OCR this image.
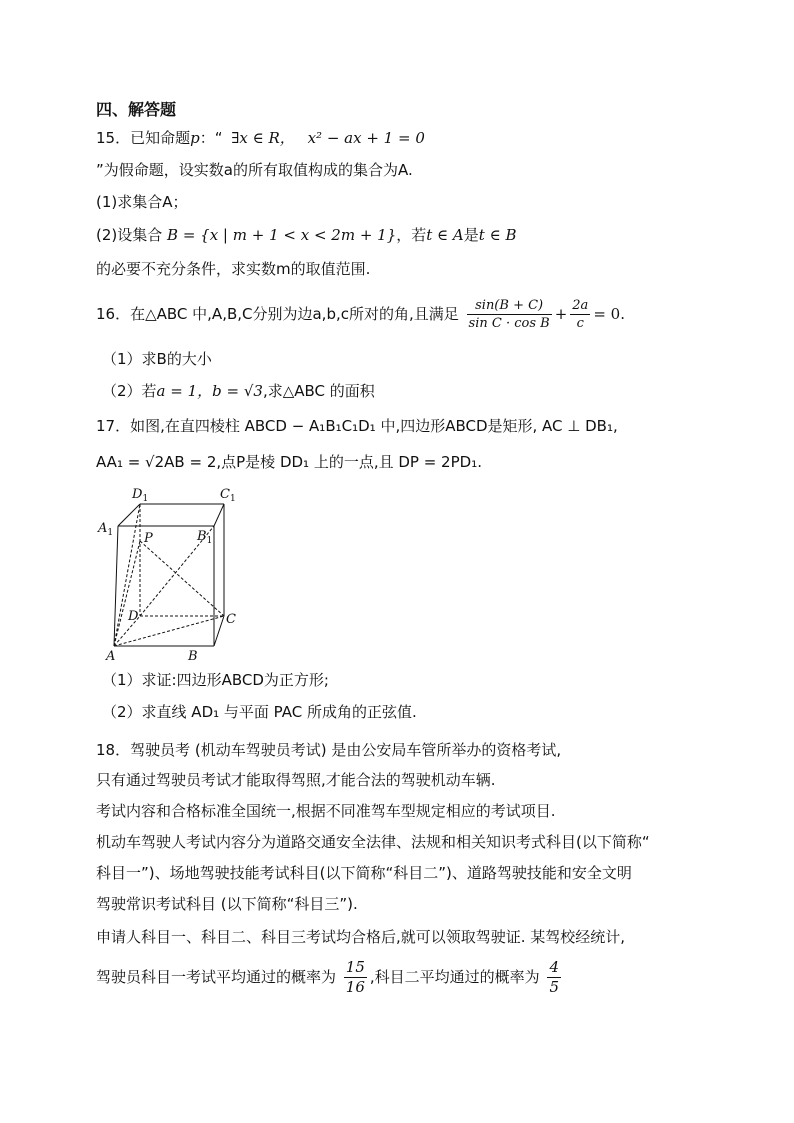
四、解答题
15．已知命题p：“ ∃x ∈ R， x² − ax + 1 = 0
”为假命题，设实数a的所有取值构成的集合为A.
(1)求集合A；
(2)设集合 B = {x | m + 1 < x < 2m + 1}，若t ∈ A是t ∈ B
的必要不充分条件，求实数m的取值范围.
16．在△ABC 中,A,B,C分别为边a,b,c所对的角,且满足 $\frac{\sin(B + C)}{\text{sin C · cos B}} + \frac{2a}{c} = 0$.
（1）求B的大小
（2）若a = 1，b = √3,求△ABC 的面积
17．如图,在直四棱柱 ABCD − A₁B₁C₁D₁ 中,四边形ABCD是矩形, AC ⊥ DB₁,
AA₁ = √2AB = 2,点P是棱 DD₁ 上的一点,且 DP = 2PD₁.
$D_1$	$C_1$
$A_1$	$B_1$
P
D	C
A	B
（1）求证:四边形ABCD为正方形;
（2）求直线 AD₁ 与平面 PAC 所成角的正弦值.
18．驾驶员考 (机动车驾驶员考试) 是由公安局车管所举办的资格考试,
只有通过驾驶员考试才能取得驾照,才能合法的驾驶机动车辆.
考试内容和合格标准全国统一,根据不同准驾车型规定相应的考试项目.
机动车驾驶人考试内容分为道路交通安全法律、法规和相关知识考式科目(以下简称“
科目一”)、场地驾驶技能考试科目(以下简称“科目二”)、道路驾驶技能和安全文明
驾驶常识考试科目 (以下简称“科目三”).
申请人科目一、科目二、科目三考试均合格后,就可以领取驾驶证. 某驾校经统计,
驾驶员科目一考试平均通过的概率为 $\frac{15}{16}$ ,科目二平均通过的概率为 $\frac{4}{5}$
